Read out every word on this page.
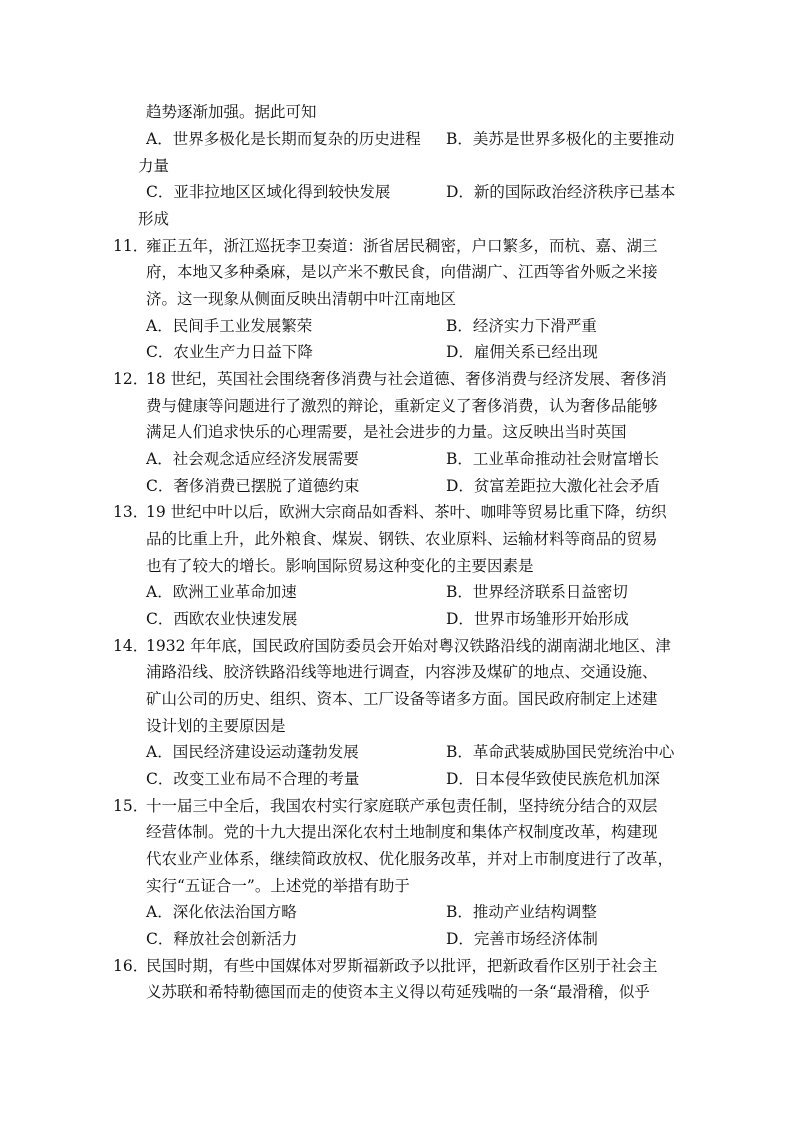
趋势逐渐加强。据此可知
A．世界多极化是长期而复杂的历史进程 B．美苏是世界多极化的主要推动
力量
C．亚非拉地区区域化得到较快发展	D．新的国际政治经济秩序已基本
形成
11．
雍正五年，浙江巡抚李卫奏道：浙省居民稠密，户口繁多，而杭、嘉、湖三
府，本地又多种桑麻，是以产米不敷民食，向借湖广、江西等省外贩之米接
济。这一现象从侧面反映出清朝中叶江南地区
A．民间手工业发展繁荣	B．经济实力下滑严重
C．农业生产力日益下降	D．雇佣关系已经出现
12．
18 世纪，英国社会围绕奢侈消费与社会道德、奢侈消费与经济发展、奢侈消
费与健康等问题进行了激烈的辩论，重新定义了奢侈消费，认为奢侈品能够
满足人们追求快乐的心理需要，是社会进步的力量。这反映出当时英国
A．社会观念适应经济发展需要	B．工业革命推动社会财富增长
C．奢侈消费已摆脱了道德约束	D．贫富差距拉大激化社会矛盾
13．
19 世纪中叶以后，欧洲大宗商品如香料、茶叶、咖啡等贸易比重下降，纺织
品的比重上升，此外粮食、煤炭、钢铁、农业原料、运输材料等商品的贸易
也有了较大的增长。影响国际贸易这种变化的主要因素是
A．欧洲工业革命加速	B．世界经济联系日益密切
C．西欧农业快速发展	D．世界市场雏形开始形成
14．
1932 年年底，国民政府国防委员会开始对粤汉铁路沿线的湖南湖北地区、津
浦路沿线、胶济铁路沿线等地进行调查，内容涉及煤矿的地点、交通设施、
矿山公司的历史、组织、资本、工厂设备等诸多方面。国民政府制定上述建
设计划的主要原因是
A．国民经济建设运动蓬勃发展	B．革命武装威胁国民党统治中心
C．改变工业布局不合理的考量	D．日本侵华致使民族危机加深
15．
十一届三中全后，我国农村实行家庭联产承包责任制，坚持统分结合的双层
经营体制。党的十九大提出深化农村土地制度和集体产权制度改革，构建现
代农业产业体系，继续简政放权、优化服务改革，并对上市制度进行了改革，
实行“五证合一”。上述党的举措有助于
A．深化依法治国方略	B．推动产业结构调整
C．释放社会创新活力	D．完善市场经济体制
16．
民国时期，有些中国媒体对罗斯福新政予以批评，把新政看作区别于社会主
义苏联和希特勒德国而走的使资本主义得以苟延残喘的一条“最滑稽，似乎
